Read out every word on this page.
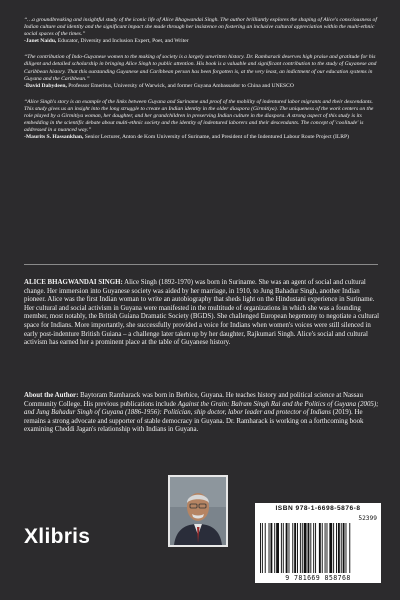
“…a groundbreaking and insightful study of the iconic life of Alice Bhagwandai Singh. The author brilliantly explores the shaping of Alice's consciousness of Indian culture and identity and the significant impact she made through her insistence on fostering an inclusive cultural appreciation within the multi-ethnic social spaces of the times.”

-Janet Naidu, Educator, Diversity and Inclusion Expert, Poet, and Writer

“The contribution of Indo-Guyanese women to the making of society is a largely unwritten history. Dr. Ramharack deserves high praise and gratitude for his diligent and detailed scholarship in bringing Alice Singh to public attention. His book is a valuable and significant contribution to the study of Guyanese and Caribbean history. That this outstanding Guyanese and Caribbean person has been forgotten is, at the very least, an indictment of our education systems in Guyana and the Caribbean.”

-David Dabydeen, Professor Emeritus, University of Warwick, and former Guyana Ambassador to China and UNESCO

“Alice Singh's story is an example of the links between Guyana and Suriname and proof of the mobility of indentured labor migrants and their descendants. This study gives us an insight into the long struggle to create an Indian identity in the older diaspora (Girmitiya). The uniqueness of the work centers on the role played by a Girmitiya woman, her daughter, and her grandchildren in preserving Indian culture in the diaspora. A strong aspect of this study is its embedding in the scientific debate about multi-ethnic society and the identity of indentured laborers and their descendants. The concept of 'coolitude' is addressed in a nuanced way.”

-Maurits S. Hassankhan, Senior Lecturer, Anton de Kom University of Suriname, and President of the Indentured Labour Route Project (ILRP)

ALICE BHAGWANDAI SINGH: Alice Singh (1892-1970) was born in Suriname. She was an agent of social and cultural change. Her immersion into Guyanese society was aided by her marriage, in 1910, to Jung Bahadur Singh, another Indian pioneer. Alice was the first Indian woman to write an autobiography that sheds light on the Hindustani experience in Suriname. Her cultural and social activism in Guyana were manifested in the multitude of organizations in which she was a founding member, most notably, the British Guiana Dramatic Society (BGDS). She challenged European hegemony to negotiate a cultural space for Indians. More importantly, she successfully provided a voice for Indians when women's voices were still silenced in early post-indenture British Guiana – a challenge later taken up by her daughter, Rajkumari Singh. Alice's social and cultural activism has earned her a prominent place at the table of Guyanese history.

About the Author: Baytoram Ramharack was born in Berbice, Guyana. He teaches history and political science at Nassau Community College. His previous publications include Against the Grain: Balram Singh Rai and the Politics of Guyana (2005); and Jung Bahadur Singh of Guyana (1886-1956): Politician, ship doctor, labor leader and protector of Indians (2019). He remains a strong advocate and supporter of stable democracy in Guyana. Dr. Ramharack is working on a forthcoming book examining Cheddi Jagan's relationship with Indians in Guyana.

Xlibris
ISBN 978-1-6698-5876-8
52399
9 781669 858768
